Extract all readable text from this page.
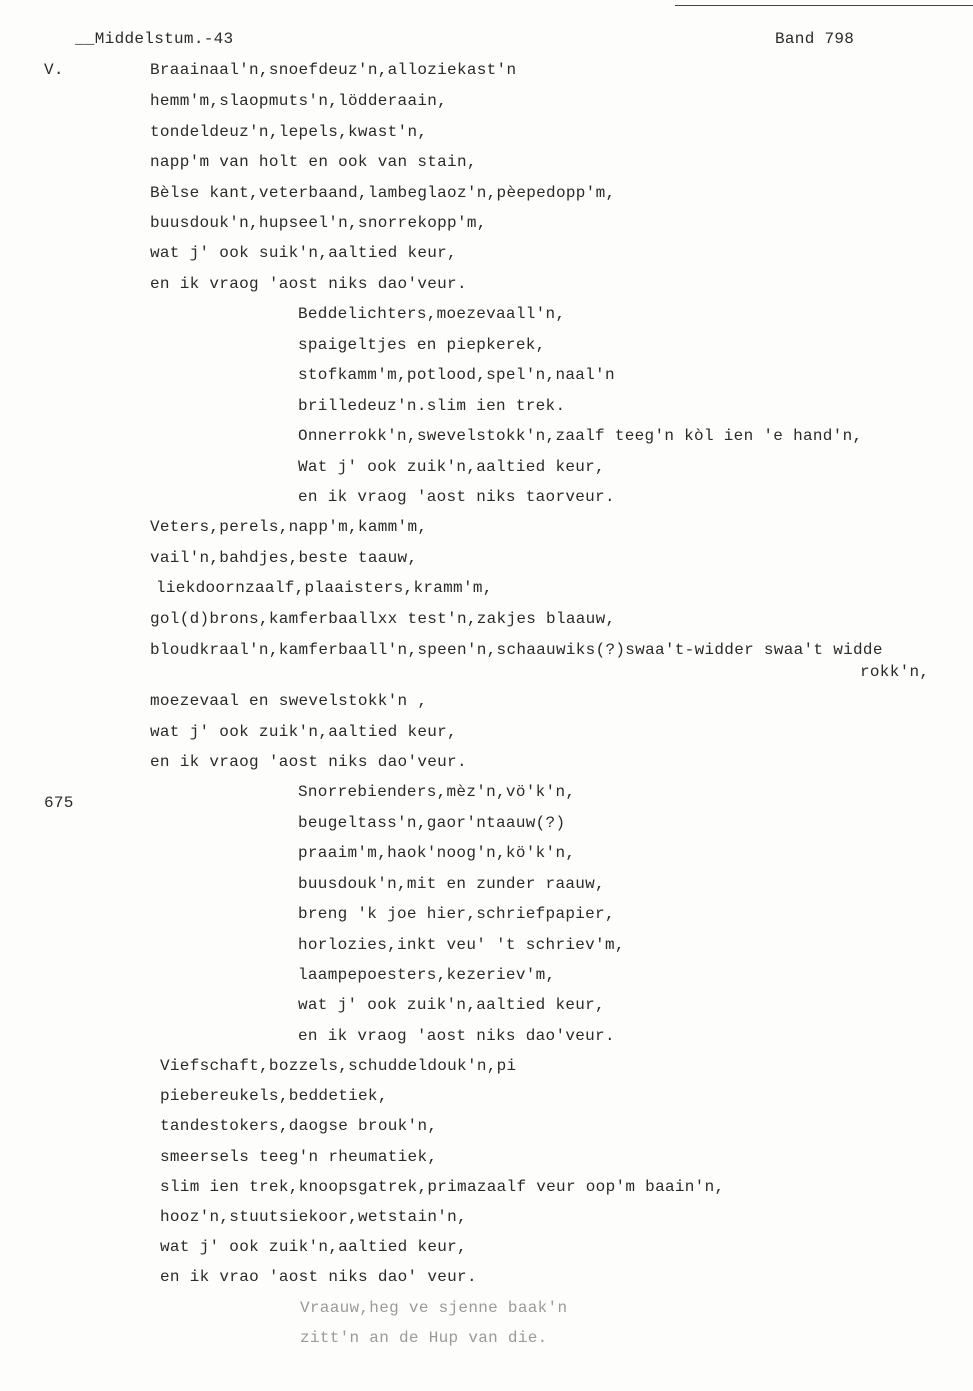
__Middelstum.-43	Band 798
V.
675
Braainaal'n,snoefdeuz'n,alloziekast'n
hemm'm,slaopmuts'n,lödderaain,
tondeldeuz'n,lepels,kwast'n,
napp'm van holt en ook van stain,
Bèlse kant,veterbaand,lambeglaoz'n,pèepedopp'm,
buusdouk'n,hupseel'n,snorrekopp'm,
wat j' ook suik'n,aaltied keur,
en ik vraog 'aost niks dao'veur.
Beddelichters,moezevaall'n,
spaigeltjes en piepkerek,
stofkamm'm,potlood,spel'n,naal'n
brilledeuz'n.slim ien trek.
Onnerrokk'n,swevelstokk'n,zaalf teeg'n kòl ien 'e hand'n,
Wat j' ook zuik'n,aaltied keur,
en ik vraog 'aost niks taorveur.
Veters,perels,napp'm,kamm'm,
vail'n,bahdjes,beste taauw,
liekdoornzaalf,plaaisters,kramm'm,
gol(d)brons,kamferbaallxx test'n,zakjes blaauw,
bloudkraal'n,kamferbaall'n,speen'n,schaauwiks(?)swaa't-widder swaa't widde
rokk'n,
moezevaal en swevelstokk'n ,
wat j' ook zuik'n,aaltied keur,
en ik vraog 'aost niks dao'veur.
Snorrebienders,mèz'n,vö'k'n,
beugeltass'n,gaor'ntaauw(?)
praaim'm,haok'noog'n,kö'k'n,
buusdouk'n,mit en zunder raauw,
breng 'k joe hier,schriefpapier,
horlozies,inkt veu' 't schriev'm,
laampepoesters,kezeriev'm,
wat j' ook zuik'n,aaltied keur,
en ik vraog 'aost niks dao'veur.
Viefschaft,bozzels,schuddeldouk'n,pi
piebereukels,beddetiek,
tandestokers,daogse brouk'n,
smeersels teeg'n rheumatiek,
slim ien trek,knoopsgatrek,primazaalf veur oop'm baain'n,
hooz'n,stuutsiekoor,wetstain'n,
wat j' ook zuik'n,aaltied keur,
en ik vrao 'aost niks dao' veur.
Vraauw,heg ve sjenne baak'n
zitt'n an de Hup van die.
